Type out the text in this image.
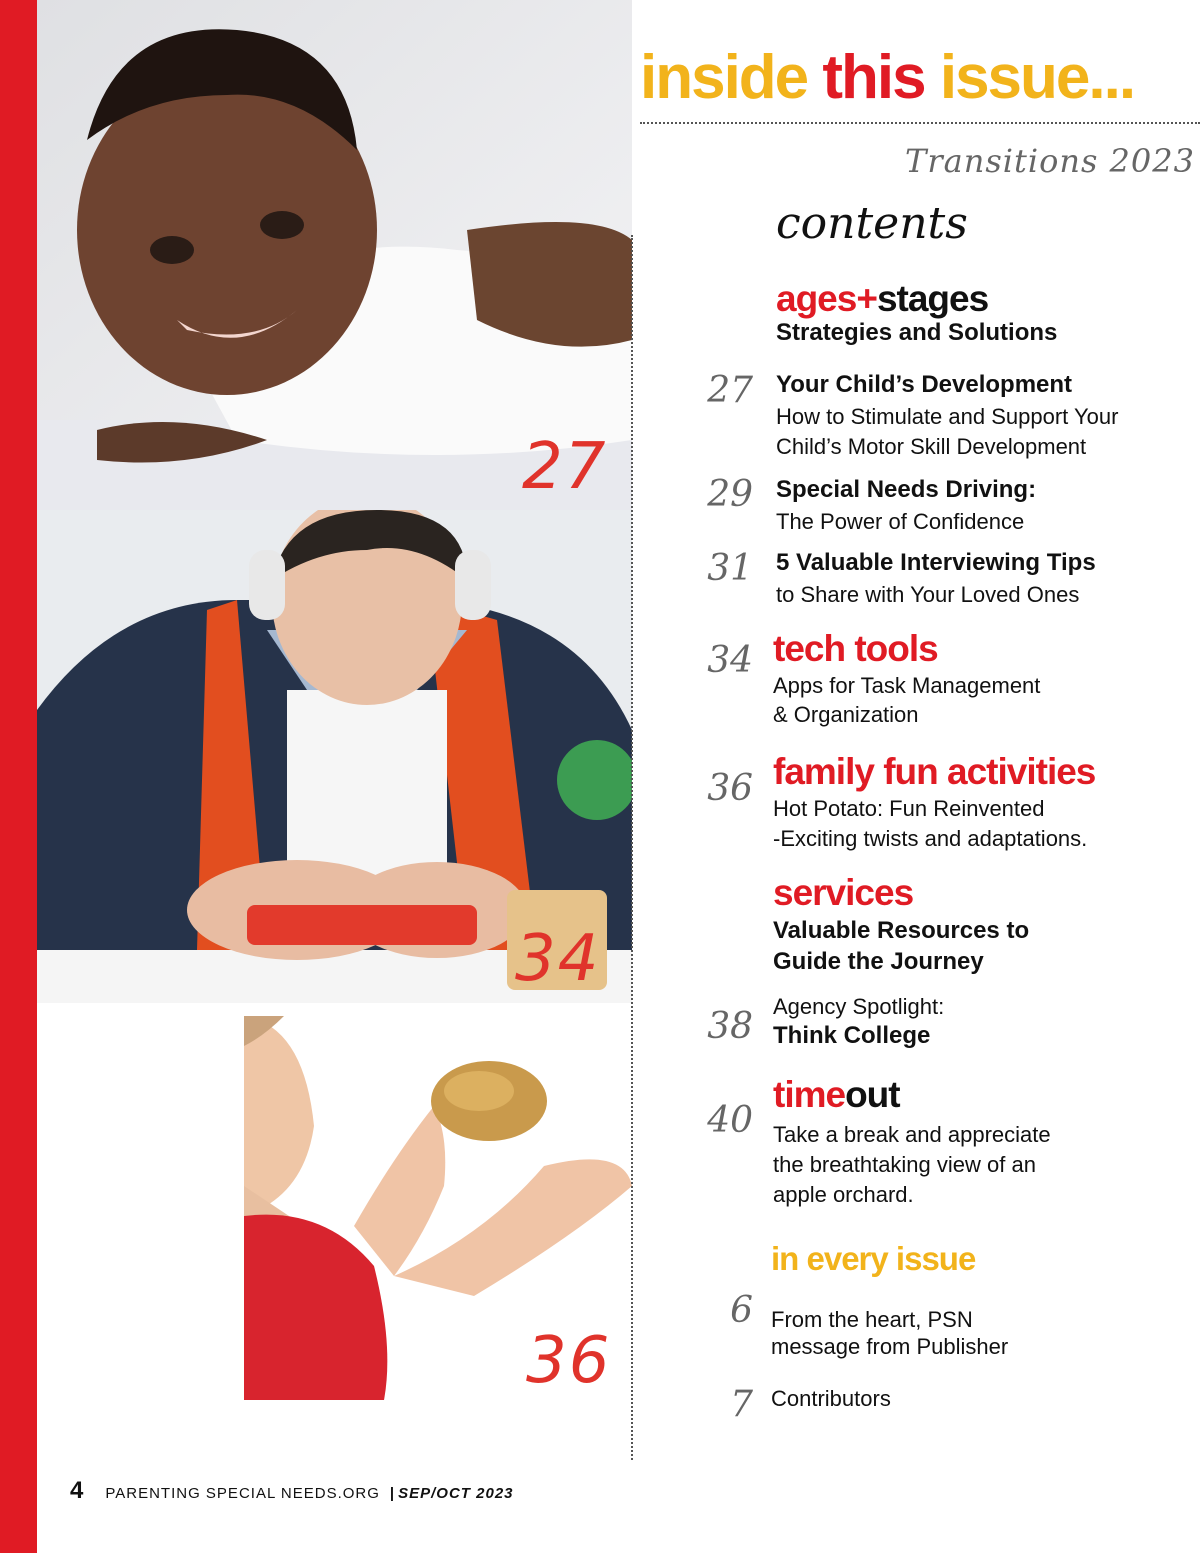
27
34
36
inside this issue...
Transitions 2023
contents
ages+stages
Strategies and Solutions
27 Your Child’s Development
How to Stimulate and Support Your
Child’s Motor Skill Development
29 Special Needs Driving:
The Power of Confidence
31 5 Valuable Interviewing Tips
to Share with Your Loved Ones
34 tech tools
Apps for Task Management
& Organization
36 family fun activities
Hot Potato: Fun Reinvented
-Exciting twists and adaptations.
services
Valuable Resources to
Guide the Journey
38 Agency Spotlight:
Think College
40
timeout
Take a break and appreciate
the breathtaking view of an
apple orchard.
in every issue
6 From the heart, PSN
message from Publisher
7 Contributors
4 PARENTING SPECIAL NEEDS.ORG | SEP/OCT 2023
